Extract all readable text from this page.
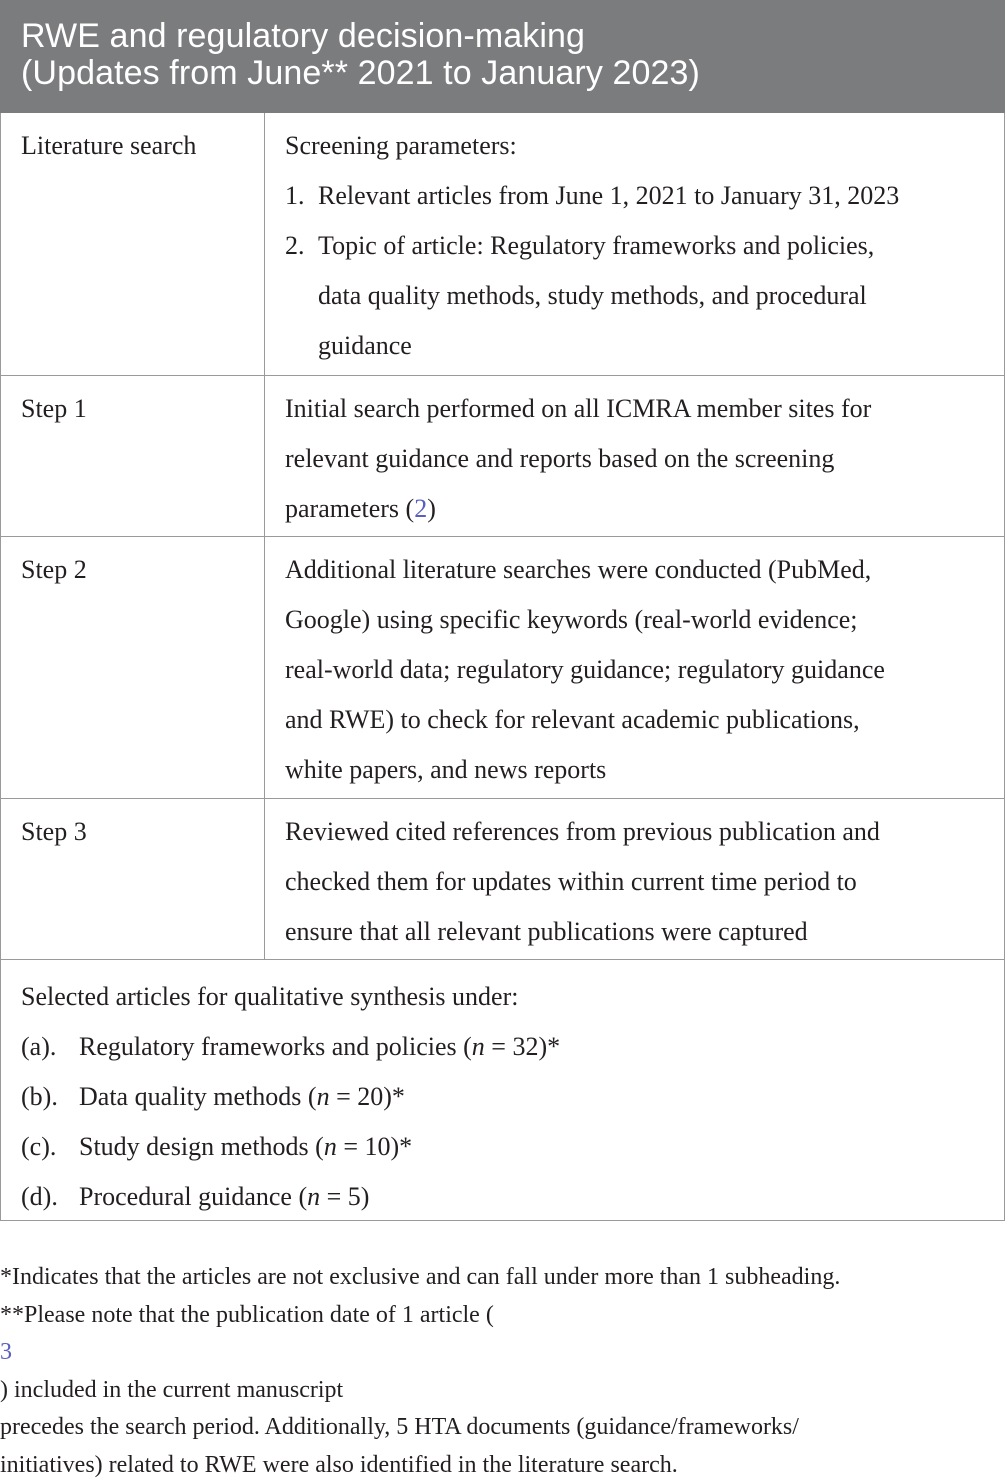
RWE and regulatory decision-making
(Updates from June** 2021 to January 2023)
Literature search	Screening parameters:
1. Relevant articles from June 1, 2021 to January 31, 2023
2. Topic of article: Regulatory frameworks and policies,
data quality methods, study methods, and procedural
guidance
Step 1	Initial search performed on all ICMRA member sites for
relevant guidance and reports based on the screening
parameters (2)
Step 2	Additional literature searches were conducted (PubMed,
Google) using specific keywords (real-world evidence;
real-world data; regulatory guidance; regulatory guidance
and RWE) to check for relevant academic publications,
white papers, and news reports
Step 3	Reviewed cited references from previous publication and
checked them for updates within current time period to
ensure that all relevant publications were captured
Selected articles for qualitative synthesis under:
(a). Regulatory frameworks and policies (n = 32)*
(b). Data quality methods (n = 20)*
(c). Study design methods (n = 10)*
(d). Procedural guidance (n = 5)
*Indicates that the articles are not exclusive and can fall under more than 1 subheading.
**Please note that the publication date of 1 article (
3
) included in the current manuscript
precedes the search period. Additionally, 5 HTA documents (guidance/frameworks/
initiatives) related to RWE were also identified in the literature search.
